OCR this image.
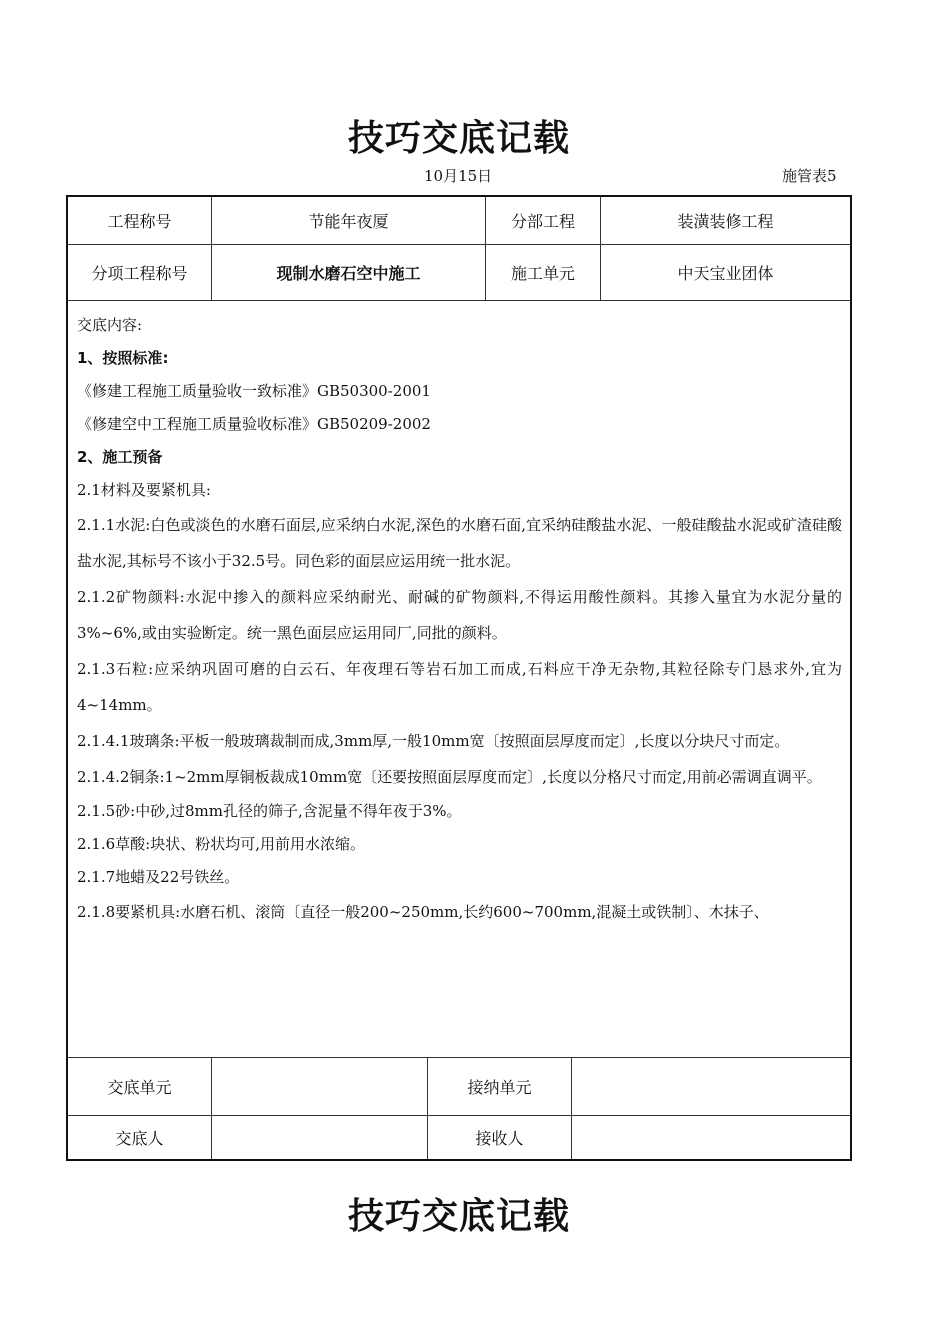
技巧交底记载
10月15日	施管表5
工程称号	节能年夜厦	分部工程	装潢装修工程
分项工程称号	现制水磨石空中施工	施工单元	中天宝业团体
交底内容:
1、按照标准:
《修建工程施工质量验收一致标准》GB50300-2001
《修建空中工程施工质量验收标准》GB50209-2002
2、施工预备
2.1材料及要紧机具:
2.1.1水泥:白色或淡色的水磨石面层,应采纳白水泥,深色的水磨石面,宜采纳硅酸盐水泥、一般硅酸盐水泥或矿渣硅酸盐水泥,其标号不该小于32.5号。同色彩的面层应运用统一批水泥。
2.1.2矿物颜料:水泥中掺入的颜料应采纳耐光、耐碱的矿物颜料,不得运用酸性颜料。其掺入量宜为水泥分量的3%~6%,或由实验断定。统一黑色面层应运用同厂,同批的颜料。
2.1.3石粒:应采纳巩固可磨的白云石、年夜理石等岩石加工而成,石料应干净无杂物,其粒径除专门恳求外,宜为4~14mm。
2.1.4.1玻璃条:平板一般玻璃裁制而成,3mm厚,一般10mm宽〔按照面层厚度而定〕,长度以分块尺寸而定。
2.1.4.2铜条:1~2mm厚铜板裁成10mm宽〔还要按照面层厚度而定〕,长度以分格尺寸而定,用前必需调直调平。
2.1.5砂:中砂,过8mm孔径的筛子,含泥量不得年夜于3%。
2.1.6草酸:块状、粉状均可,用前用水浓缩。
2.1.7地蜡及22号铁丝。
2.1.8要紧机具:水磨石机、滚筒〔直径一般200~250mm,长约600~700mm,混凝土或铁制〕、木抹子、
交底单元	接纳单元
交底人	接收人
技巧交底记载
